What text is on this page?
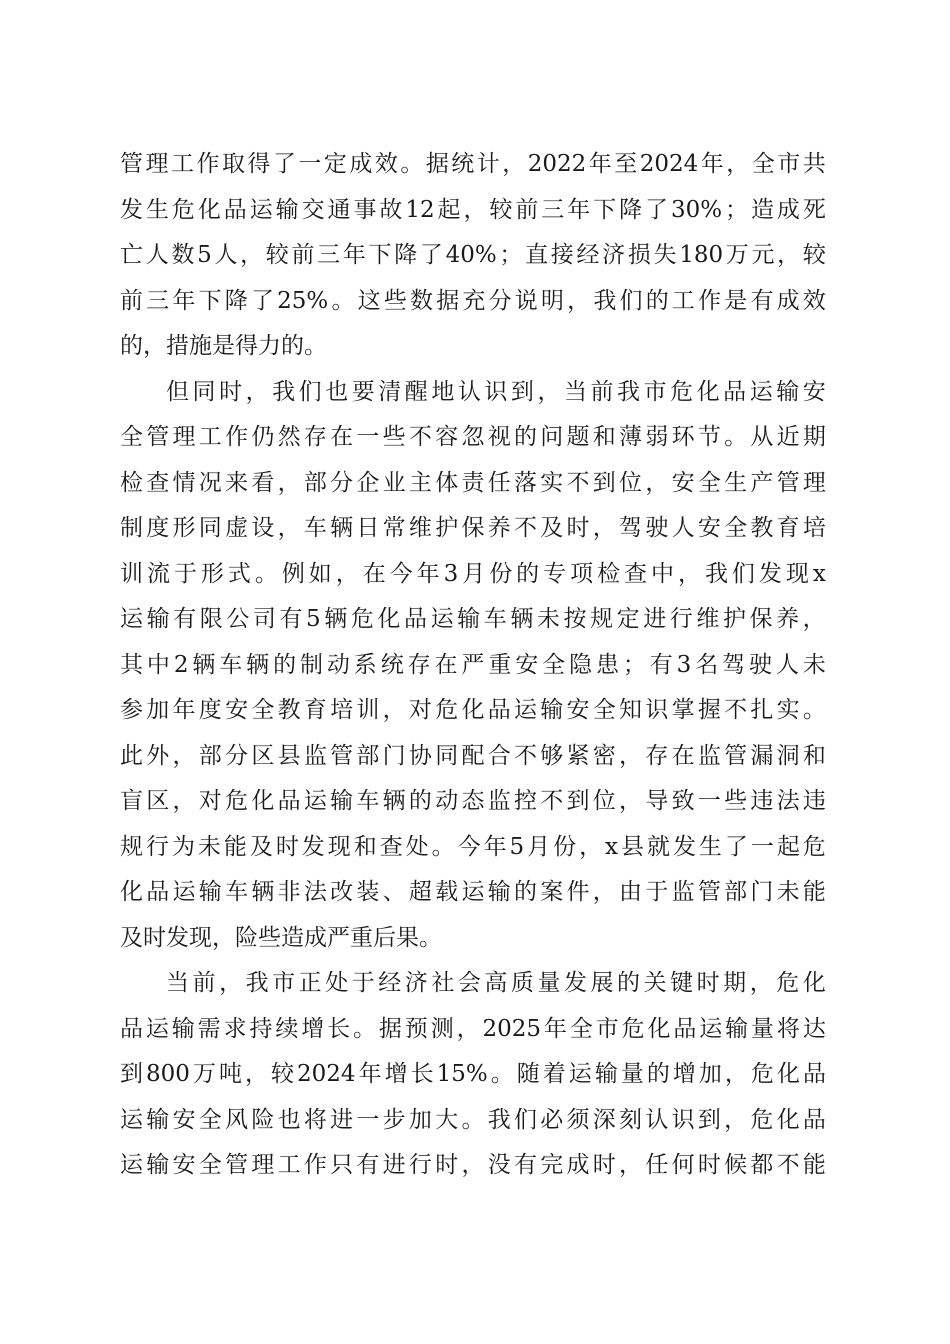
管 理 工 作 取 得 了 一 定 成 效 。 据 统 计 ， 2022 年 至 2024 年 ， 全 市 共
发 生 危 化 品 运 输 交 通 事 故 12 起 ， 较 前 三 年 下 降 了 30% ； 造 成 死
亡 人 数 5 人 ， 较 前 三 年 下 降 了 40% ； 直 接 经 济 损 失 180 万 元 ， 较
前 三 年 下 降 了 25% 。 这 些 数 据 充 分 说 明 ， 我 们 的 工 作 是 有 成 效
的 ， 措 施 是 得 力 的 。
但 同 时 ， 我 们 也 要 清 醒 地 认 识 到 ， 当 前 我 市 危 化 品 运 输 安
全 管 理 工 作 仍 然 存 在 一 些 不 容 忽 视 的 问 题 和 薄 弱 环 节 。 从 近 期
检 查 情 况 来 看 ， 部 分 企 业 主 体 责 任 落 实 不 到 位 ， 安 全 生 产 管 理
制 度 形 同 虚 设 ， 车 辆 日 常 维 护 保 养 不 及 时 ， 驾 驶 人 安 全 教 育 培
训 流 于 形 式 。 例 如 ， 在 今 年 3 月 份 的 专 项 检 查 中 ， 我 们 发 现 x
运 输 有 限 公 司 有 5 辆 危 化 品 运 输 车 辆 未 按 规 定 进 行 维 护 保 养 ，
其 中 2 辆 车 辆 的 制 动 系 统 存 在 严 重 安 全 隐 患 ； 有 3 名 驾 驶 人 未
参 加 年 度 安 全 教 育 培 训 ， 对 危 化 品 运 输 安 全 知 识 掌 握 不 扎 实 。
此 外 ， 部 分 区 县 监 管 部 门 协 同 配 合 不 够 紧 密 ， 存 在 监 管 漏 洞 和
盲 区 ， 对 危 化 品 运 输 车 辆 的 动 态 监 控 不 到 位 ， 导 致 一 些 违 法 违
规 行 为 未 能 及 时 发 现 和 查 处 。 今 年 5 月 份 ， x 县 就 发 生 了 一 起 危
化 品 运 输 车 辆 非 法 改 装 、 超 载 运 输 的 案 件 ， 由 于 监 管 部 门 未 能
及 时 发 现 ， 险 些 造 成 严 重 后 果 。
当 前 ， 我 市 正 处 于 经 济 社 会 高 质 量 发 展 的 关 键 时 期 ， 危 化
品 运 输 需 求 持 续 增 长 。 据 预 测 ， 2025 年 全 市 危 化 品 运 输 量 将 达
到 800 万 吨 ， 较 2024 年 增 长 15% 。 随 着 运 输 量 的 增 加 ， 危 化 品
运 输 安 全 风 险 也 将 进 一 步 加 大 。 我 们 必 须 深 刻 认 识 到 ， 危 化 品
运 输 安 全 管 理 工 作 只 有 进 行 时 ， 没 有 完 成 时 ， 任 何 时 候 都 不 能
